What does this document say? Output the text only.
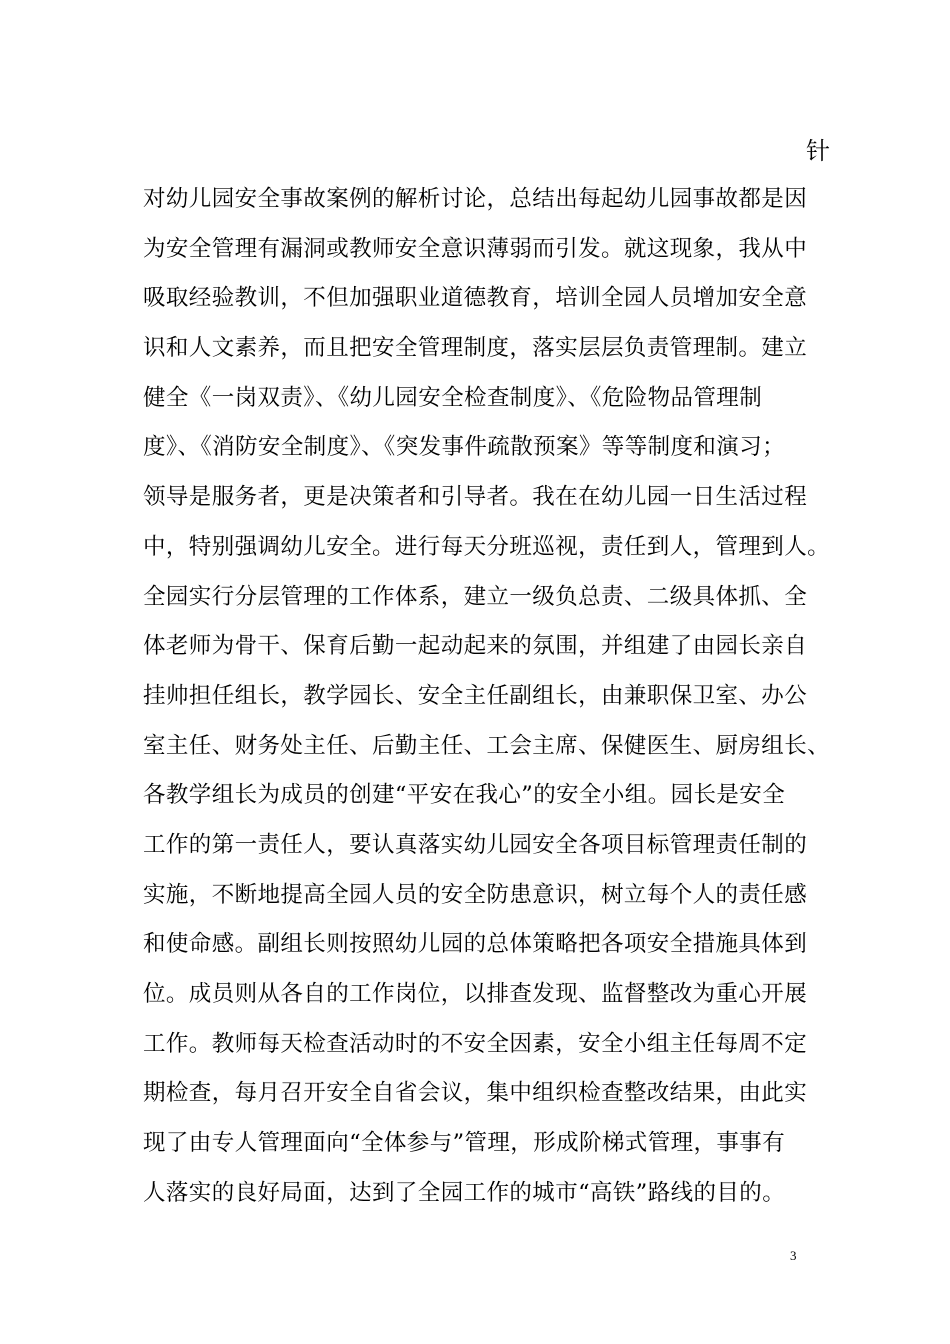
针
对幼儿园安全事故案例的解析讨论，总结出每起幼儿园事故都是因
为安全管理有漏洞或教师安全意识薄弱而引发。就这现象，我从中
吸取经验教训，不但加强职业道德教育，培训全园人员增加安全意
识和人文素养，而且把安全管理制度，落实层层负责管理制。建立
健全《一岗双责》、《幼儿园安全检查制度》、《危险物品管理制
度》、《消防安全制度》、《突发事件疏散预案》等等制度和演习；
领导是服务者，更是决策者和引导者。我在在幼儿园一日生活过程
中，特别强调幼儿安全。进行每天分班巡视，责任到人，管理到人。
全园实行分层管理的工作体系，建立一级负总责、二级具体抓、全
体老师为骨干、保育后勤一起动起来的氛围，并组建了由园长亲自
挂帅担任组长，教学园长、安全主任副组长，由兼职保卫室、办公
室主任、财务处主任、后勤主任、工会主席、保健医生、厨房组长、
各教学组长为成员的创建“平安在我心”的安全小组。园长是安全
工作的第一责任人，要认真落实幼儿园安全各项目标管理责任制的
实施，不断地提高全园人员的安全防患意识，树立每个人的责任感
和使命感。副组长则按照幼儿园的总体策略把各项安全措施具体到
位。成员则从各自的工作岗位，以排查发现、监督整改为重心开展
工作。教师每天检查活动时的不安全因素，安全小组主任每周不定
期检查，每月召开安全自省会议，集中组织检查整改结果，由此实
现了由专人管理面向“全体参与”管理，形成阶梯式管理，事事有
人落实的良好局面，达到了全园工作的城市“高铁”路线的目的。
3
